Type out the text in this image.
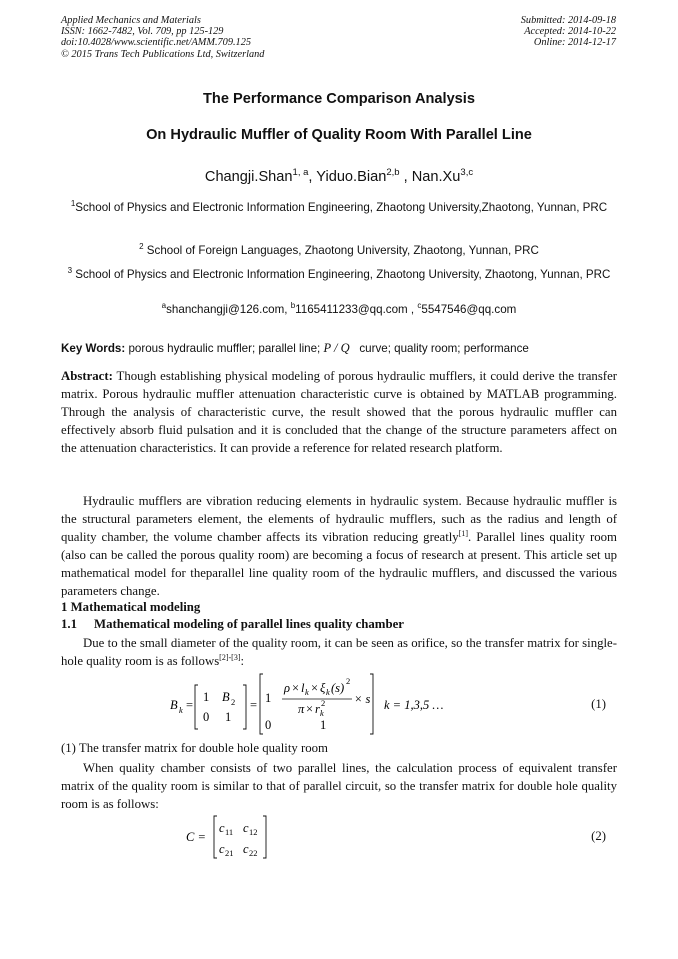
Applied Mechanics and Materials
ISSN: 1662-7482, Vol. 709, pp 125-129
doi:10.4028/www.scientific.net/AMM.709.125
© 2015 Trans Tech Publications Ltd, Switzerland
Submitted: 2014-09-18
Accepted: 2014-10-22
Online: 2014-12-17
The Performance Comparison Analysis
On Hydraulic Muffler of Quality Room With Parallel Line
Changji.Shan$^{1, a}$, Yiduo.Bian$^{2,b}$ , Nan.Xu$^{3,c}$
$^1$School of Physics and Electronic Information Engineering, Zhaotong University,Zhaotong, Yunnan, PRC
$^2$ School of Foreign Languages, Zhaotong University, Zhaotong, Yunnan, PRC
$^3$ School of Physics and Electronic Information Engineering, Zhaotong University, Zhaotong, Yunnan, PRC
$^a$shanchangji@126.com, $^b$1165411233@qq.com , $^c$5547546@qq.com
Key Words: porous hydraulic muffler; parallel line; P / Q curve; quality room; performance
Abstract: Though establishing physical modeling of porous hydraulic mufflers, it could derive the transfer matrix. Porous hydraulic muffler attenuation characteristic curve is obtained by MATLAB programming. Through the analysis of characteristic curve, the result showed that the porous hydraulic muffler can effectively absorb fluid pulsation and it is concluded that the change of the structure parameters affect on the attenuation characteristics. It can provide a reference for related research platform.
Hydraulic mufflers are vibration reducing elements in hydraulic system. Because hydraulic muffler is the structural parameters element, the elements of hydraulic mufflers, such as the radius and length of quality chamber, the volume chamber affects its vibration reducing greatly[1]. Parallel lines quality room (also can be called the porous quality room) are becoming a focus of research at present. This article set up mathematical model for theparallel line quality room of the hydraulic mufflers, and discussed the various parameters change.
1 Mathematical modeling
1.1 Mathematical modeling of parallel lines quality chamber
Due to the small diameter of the quality room, it can be seen as orifice, so the transfer matrix for single-hole quality room is as follows[2]-[3]:
B k =
1 B 2
0 1
= 1
ρ × l k × ξ k (s) 2
π × r k
2 × s
0	1
k = 1,3,5 …	(1)
(1) The transfer matrix for double hole quality room
When quality chamber consists of two parallel lines, the calculation process of equivalent transfer matrix of the quality room is similar to that of parallel circuit, so the transfer matrix for double hole quality room is as follows:
C =
c 11 c 12
c 21 c 22
(2)
